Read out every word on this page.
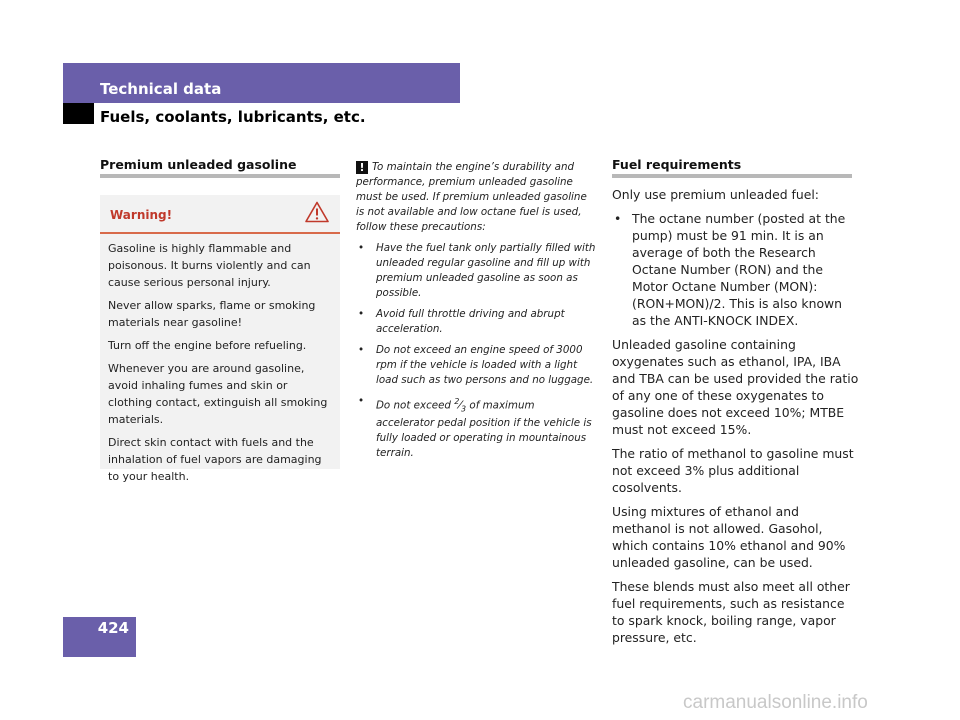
Technical data
Fuels, coolants, lubricants, etc.
Premium unleaded gasoline
Warning!

Gasoline is highly flammable and poisonous. It burns violently and can cause serious personal injury.

Never allow sparks, flame or smoking materials near gasoline!

Turn off the engine before refueling.

Whenever you are around gasoline, avoid inhaling fumes and skin or clothing contact, extinguish all smoking materials.

Direct skin contact with fuels and the inhalation of fuel vapors are damaging to your health.

! To maintain the engine’s durability and performance, premium unleaded gasoline must be used. If premium unleaded gasoline is not available and low octane fuel is used, follow these precautions:

• Have the fuel tank only partially filled with unleaded regular gasoline and fill up with premium unleaded gasoline as soon as possible.
• Avoid full throttle driving and abrupt acceleration.
• Do not exceed an engine speed of 3000 rpm if the vehicle is loaded with a light load such as two persons and no luggage.
• Do not exceed $^2⁄_3$ of maximum accelerator pedal position if the vehicle is fully loaded or operating in mountainous terrain.
Fuel requirements

Only use premium unleaded fuel:

• The octane number (posted at the pump) must be 91 min. It is an average of both the Research Octane Number (RON) and the Motor Octane Number (MON): (RON+MON)/2. This is also known as the ANTI-KNOCK INDEX.

Unleaded gasoline containing oxygenates such as ethanol, IPA, IBA and TBA can be used provided the ratio of any one of these oxygenates to gasoline does not exceed 10%; MTBE must not exceed 15%.

The ratio of methanol to gasoline must not exceed 3% plus additional cosolvents.

Using mixtures of ethanol and methanol is not allowed. Gasohol, which contains 10% ethanol and 90% unleaded gasoline, can be used.

These blends must also meet all other fuel requirements, such as resistance to spark knock, boiling range, vapor pressure, etc.

424
carmanualsonline.info
